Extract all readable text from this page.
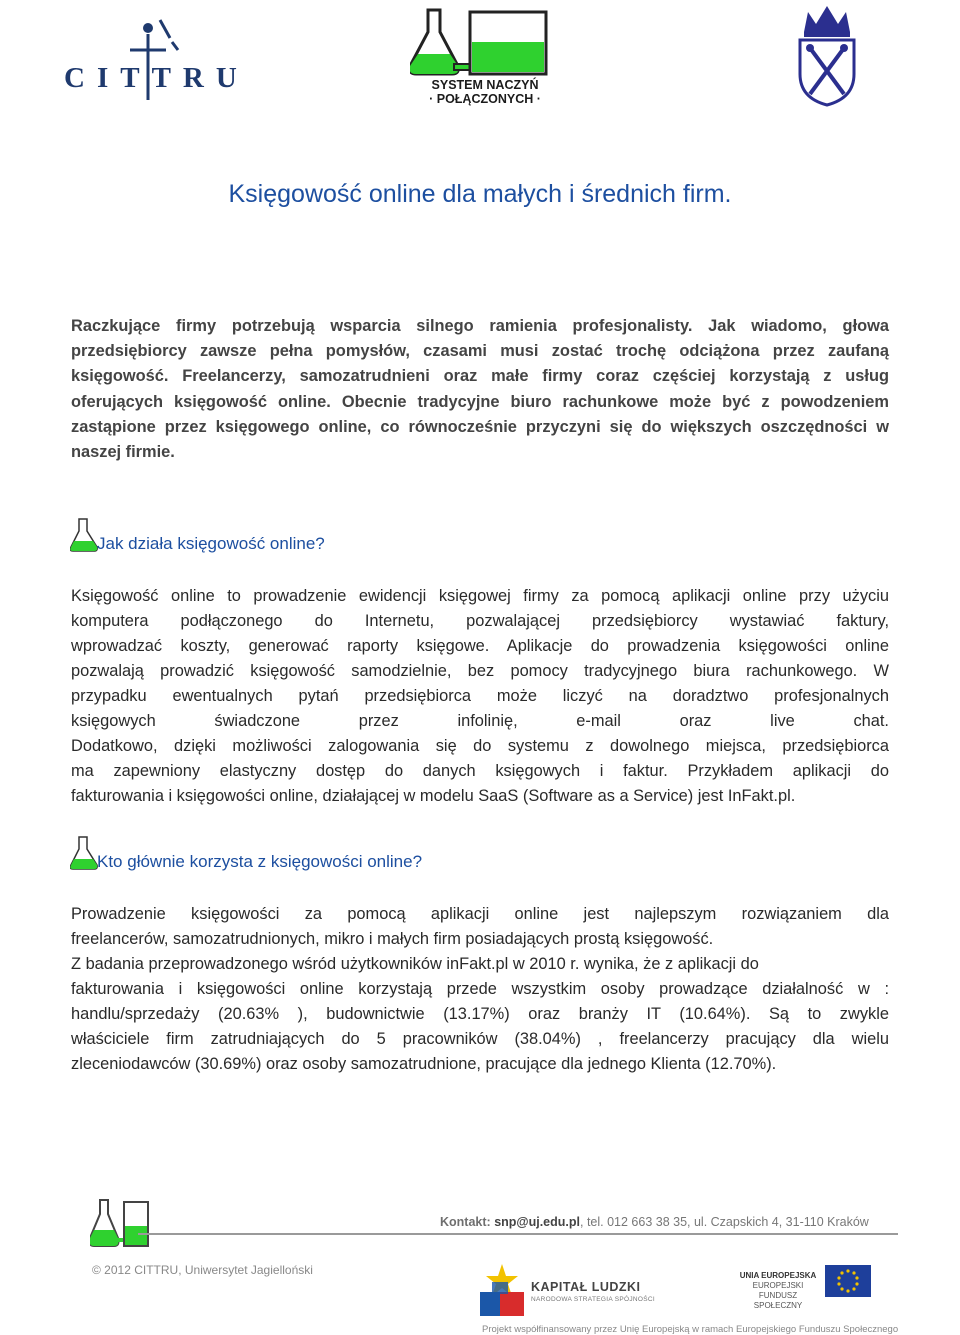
CITTRU	SYSTEM NACZYŃ
· POŁĄCZONYCH ·
Księgowość online dla małych i średnich firm.
Raczkujące firmy potrzebują wsparcia silnego ramienia profesjonalisty. Jak wiadomo, głowa
przedsiębiorcy zawsze pełna pomysłów, czasami musi zostać trochę odciążona przez zaufaną
księgowość. Freelancerzy, samozatrudnieni oraz małe firmy coraz częściej korzystają z usług
oferujących księgowość online. Obecnie tradycyjne biuro rachunkowe może być z powodzeniem
zastąpione przez księgowego online, co równocześnie przyczyni się do większych oszczędności w
naszej firmie.
Jak działa księgowość online?
Księgowość online to prowadzenie ewidencji księgowej firmy za pomocą aplikacji online przy użyciu
komputera podłączonego do Internetu, pozwalającej przedsiębiorcy wystawiać faktury,
wprowadzać koszty, generować raporty księgowe. Aplikacje do prowadzenia księgowości online
pozwalają prowadzić księgowość samodzielnie, bez pomocy tradycyjnego biura rachunkowego. W
przypadku ewentualnych pytań przedsiębiorca może liczyć na doradztwo profesjonalnych
księgowych świadczone przez infolinię, e-mail oraz live chat.
Dodatkowo, dzięki możliwości zalogowania się do systemu z dowolnego miejsca, przedsiębiorca
ma zapewniony elastyczny dostęp do danych księgowych i faktur. Przykładem aplikacji do
fakturowania i księgowości online, działającej w modelu SaaS (Software as a Service) jest InFakt.pl.
Kto głównie korzysta z księgowości online?
Prowadzenie księgowości za pomocą aplikacji online jest najlepszym rozwiązaniem dla
freelancerów, samozatrudnionych, mikro i małych firm posiadających prostą księgowość.
Z badania przeprowadzonego wśród użytkowników inFakt.pl w 2010 r. wynika, że z aplikacji do
fakturowania i księgowości online korzystają przede wszystkim osoby prowadzące działalność w :
handlu/sprzedaży (20.63% ), budownictwie (13.17%) oraz branży IT (10.64%). Są to zwykle
właściciele firm zatrudniających do 5 pracowników (38.04%) , freelancerzy pracujący dla wielu
zleceniodawców (30.69%) oraz osoby samozatrudnione, pracujące dla jednego Klienta (12.70%).
Kontakt: snp@uj.edu.pl, tel. 012 663 38 35, ul. Czapskich 4, 31-110 Kraków
© 2012 CITTRU, Uniwersytet Jagielloński
KAPITAŁ LUDZKI
NARODOWA STRATEGIA SPÓJNOŚCI
UNIA EUROPEJSKA
EUROPEJSKI
FUNDUSZ SPOŁECZNY
Projekt współfinansowany przez Unię Europejską w ramach Europejskiego Funduszu Społecznego
